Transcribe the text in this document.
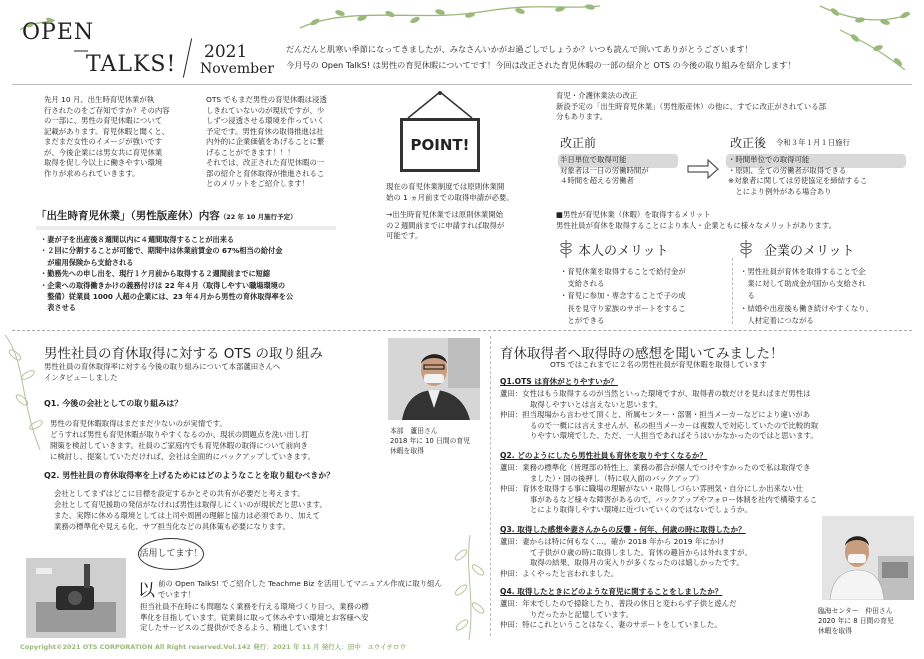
OPEN
TALKS! 2021
November
だんだんと肌寒い季節になってきましたが、みなさんいかがお過ごしでしょうか？いつも読んで頂いてありがとうございます！
今月号の Open TalkS! は男性の育児休暇についてです！今回は改正された育児休暇の一部の紹介と OTS の今後の取り組みを紹介します！
先月 10 月、出生時育児休業が執
行されたのをご存知ですか？その内容
の一部に、男性の育児休暇について
記載があります。育児休暇と聞くと、
まだまだ女性のイメージが強いです
が、今後企業には男女共に育児休業
取得を促し今以上に働きやすい環境
作りが求められていきます。
OTS でもまだ男性の育児休暇は浸透
しきれていないのが現状ですが、少
しずつ浸透させる環境を作っていく
予定です。男性育休の取得推進は社
内外的に企業価値をあげることに繋
げることができます！！！
それでは、改正された育児休暇の一
部の紹介と育休取得が推進されるこ
とのメリットをご紹介します！
POINT!
現在の育児休業制度では原則休業開
始の 1 ヵ月前までの取得申請が必要。
→出生時育児休業では原則休業開始
の２週間前までに申請すれば取得が
可能です。
育児・介護休業法の改正
新設予定の「出生時育児休業」（男性版産休）の他に、すでに改正がされている部
分もあります。
改正前
半日単位で取得可能
対象者は一日の労働時間が
４時間を超える労働者
改正後 令和３年１月１日施行
・時間単位での取得可能
・原則、全ての労働者が取得できる
※対象者に関しては労使協定を締結するこ
　とにより例外がある場合あり
「出生時育児休業」（男性版産休）内容（22 年 10 月施行予定）
・妻が子を出産後８週間以内に４週間取得することが出来る
・２回に分割することが可能で、期間中は休業前賃金の 67%相当の給付金
　が雇用保険から支給される
・勤務先への申し出を、現行１ケ月前から取得する２週間前までに短縮
・企業への取得働きかけの義務付けは 22 年４月（取得しやすい職場環境の
　整備）従業員 1000 人超の企業には、23 年４月から男性の育休取得率を公
　表させる
■男性が育児休業（休暇）を取得するメリット
男性社員が育休を取得することにより本人・企業ともに様々なメリットがあります。
本人のメリット
・育児休業を取得することで給付金が
　支給される
・育児に参加・専念することで子の成
　長を見守り家族のサポートをするこ
　とができる
企業のメリット
・男性社員が育休を取得することで企
　業に対して助成金が国から支給され
　る
・結婚や出産後も働き続けやすくなり、
　人材定着につながる
男性社員の育休取得に対する OTS の取り組み
男性社員の育休取得率に対する今後の取り組みについて本部蘆田さんへ
インタビューしました
本部　蘆田さん
2018 年に 10 日間の育児
休暇を取得
Q1. 今後の会社としての取り組みは？
男性の育児休暇取得はまだまだ少ないのが実情です。
どうすれば男性も育児休暇が取りやすくなるのか、現状の問題点を洗い出し打
開策を検討していきます。社員のご家庭内でも育児休暇の取得について前向き
に検討し、提案していただければ、会社は全面的にバックアップしていきます。
Q2. 男性社員の育休取得率を上げるためにはどのようなことを取り組むべきか？
会社としてまずはどこに目標を設定するかとその共有が必要だと考えます。
会社として育児援助の発信がなければ男性は取得しにくいのが現状だと思います。
また、実際に休める環境としては上司や周囲の理解と協力は必須であり、加えて
業務の標準化や見える化、サブ担当化などの具体策も必要になります。
活用してます！
以 前の Open TalkS! でご紹介した Teachme Biz を活用してマニュアル作成に取り組んでいます！
担当社員不在時にも問題なく業務を行える環境づくり目つ、業務の標
準化を目指しています。従業員に取って休みやすい環境とお客様へ安
定したサービスのご提供ができるよう、精進しています！
育休取得者へ取得時の感想を聞いてみました！
OTS ではこれまでに２名の男性社員が育児休暇を取得しています
Q1.OTS は育休がとりやすいか？
蘆田：女性はもう取得するのが当然といった環境ですが、取得者の数だけを見ればまだ男性は
取得しやすいとは言えないと思います。
仲田：担当現場から言わせて頂くと、所属センター・部署・担当メーカーなどにより違いがあ
るので一概には言えませんが、私の担当メーカーは複数人で対応していたので比較的取
りやすい環境でした。ただ、一人担当であればそうはいかなかったのではと思います。
Q2. どのようにしたら男性社員も育休を取りやすくなるか？
蘆田：業務の標準化（皆理部の特性上、業務の都合が個人でつけやすかったので私は取得でき
ました）・国の後押し（特に収入面のバックアップ）
仲田：育休を取得する事に職場の理解がない・取得しづらい雰囲気・自分にしか出来ない仕
事があるなど様々な障害があるので、バックアップやフォロー体制を社内で構築するこ
とにより取得しやすい環境に近づいていくのではないでしょうか。
Q3. 取得した感想※妻さんからの反響 - 何年、何歳の時に取得したか？
蘆田：妻からは特に何もなく…。確か 2018 年から 2019 年にかけ
て子供が０歳の時に取得しました。育休の趣旨からは外れますが、
取得の結果、取得月の実入りが多くなったのは嬉しかったです。
仲田：よくやったと言われました。
Q4. 取得したときにどのような育児に関することをしましたか？
蘆田：年末でしたので掃除したり、普段の休日と変わらず子供と遊んだ
りだったかと記憶しています。
仲田：特にこれということはなく、妻のサポートをしていました。
臨海センター　仲田さん
2020 年に 8 日間の育児
休暇を取得
Copyright©2021 OTS CORPORATION All Right reserved.Vol.142 発行：2021 年 11 月 発行人：田中　ユウイチロウ
